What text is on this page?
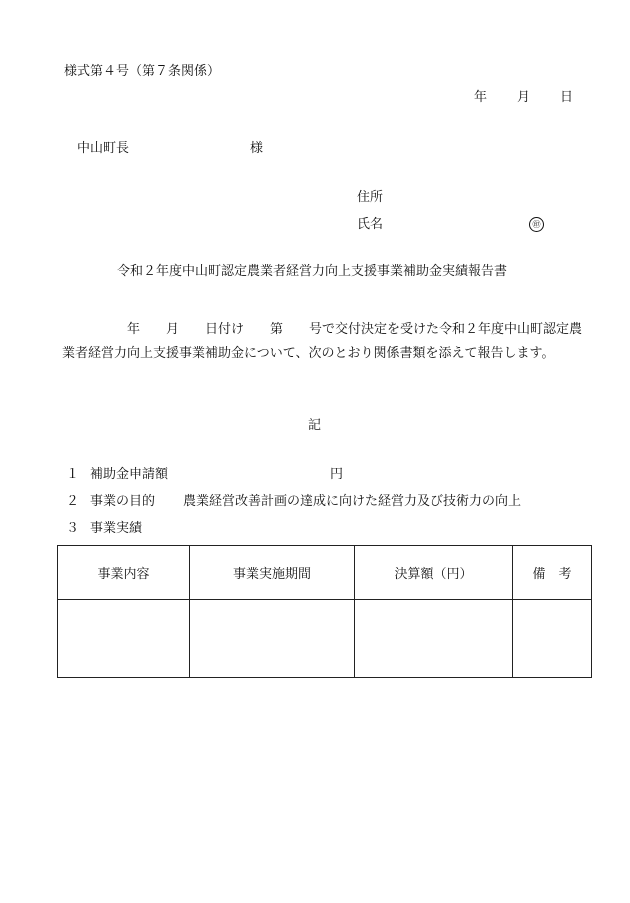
様式第４号（第７条関係）
年 月 日
中山町長	様
住所
氏名	㊞
令和２年度中山町認定農業者経営力向上支援事業補助金実績報告書
　　　　　年　　月　　日付け　　第　　号で交付決定を受けた令和２年度中山町認定農業者経営力向上支援事業補助金について、次のとおり関係書類を添えて報告します。
記
１ 補助金申請額	円
２ 事業の目的 農業経営改善計画の達成に向けた経営力及び技術力の向上
３ 事業実績
事業内容	事業実施期間	決算額（円）	備　考
